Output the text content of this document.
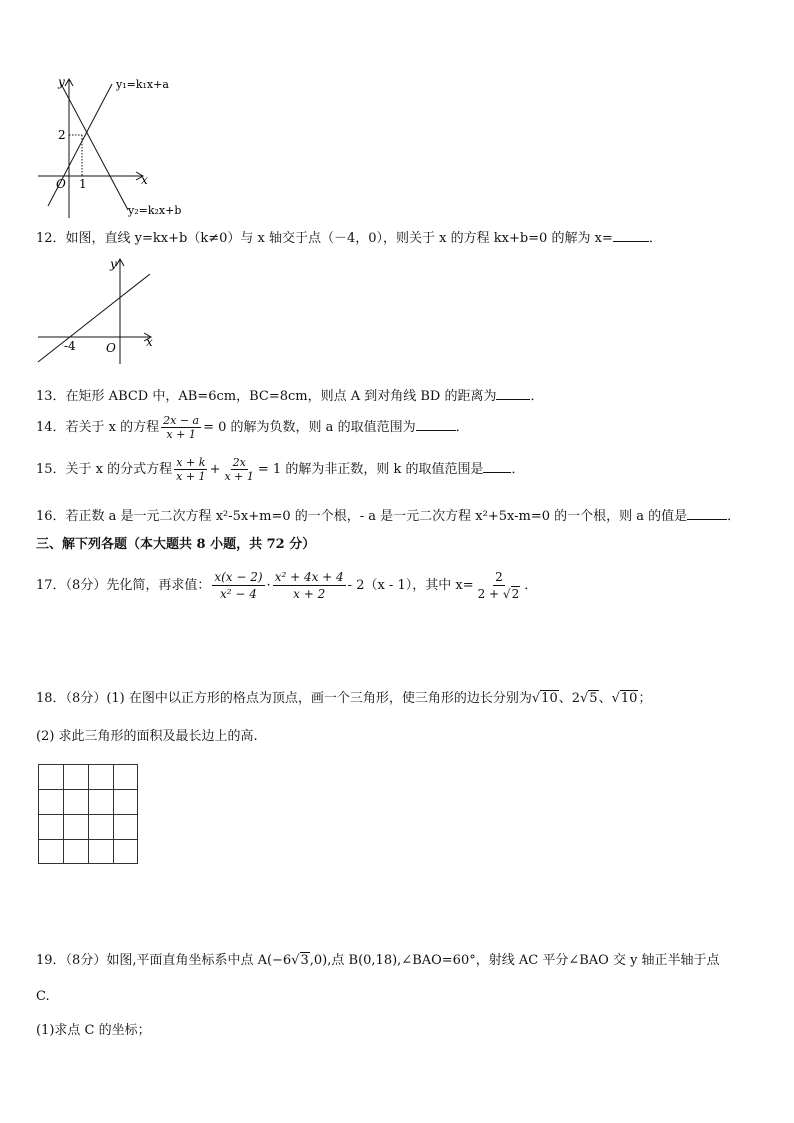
y
x
O
2
1
y₁=k₁x+a
y₂=k₂x+b
12．如图，直线 y=kx+b（k≠0）与 x 轴交于点（－4，0），则关于 x 的方程 kx+b=0 的解为 x=	．
y
x
O
-4
13．在矩形 ABCD 中，AB=6cm，BC=8cm，则点 A 到对角线 BD 的距离为	．
14．若关于 x 的方程 $\frac{2x - a}{x + 1} = 0$ 的解为负数，则 a 的取值范围为	．
15．关于 x 的分式方程 $\frac{x + k}{x + 1} + \frac{2x}{x + 1} = 1$ 的解为非正数，则 k 的取值范围是 ．
16．若正数 a 是一元二次方程 x²-5x+m=0 的一个根，- a 是一元二次方程 x²+5x-m=0 的一个根，则 a 的值是	．
三、解下列各题（本大题共 8 小题，共 72 分）
17．（8分）先化简，再求值： $\frac{x(x - 2)}{\text{x² − 4}} \cdot \frac{\text{x² + 4x + 4}}{x + 2} - 2(x - 1)$，其中 $x= \frac{2}{2 + √2}$ ．
18．（8分）(1) 在图中以正方形的格点为顶点，画一个三角形，使三角形的边长分别为√10、2√5、√10；
(2) 求此三角形的面积及最长边上的高.
19．（8分）如图,平面直角坐标系中点 A(−6√3,0),点 B(0,18),∠BAO=60°，射线 AC 平分∠BAO 交 y 轴正半轴于点
C.
(1)求点 C 的坐标；
